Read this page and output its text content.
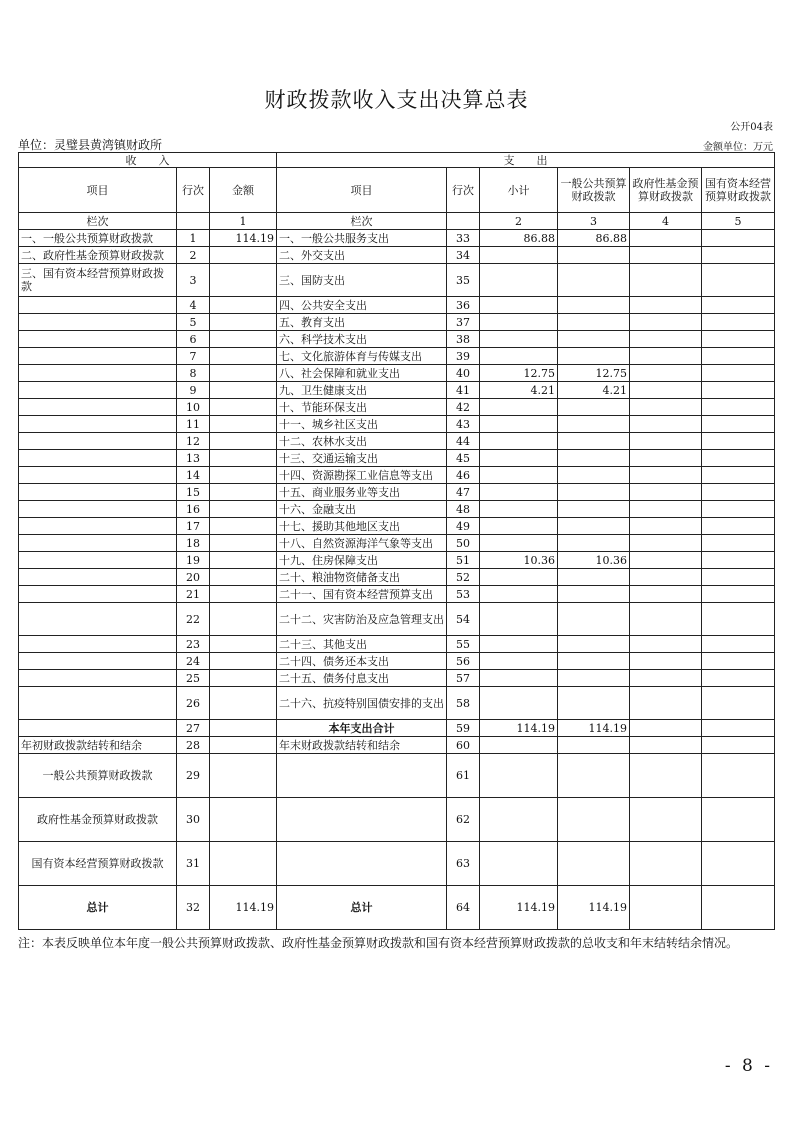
财政拨款收入支出决算总表
公开04表
单位：灵璧县黄湾镇财政所	金额单位：万元
收　　入			支　　出					
项目	行次	金额	项目	行次	小计	一般公共预算财政拨款	政府性基金预算财政拨款	国有资本经营预算财政拨款
栏次		1	栏次		2	3	4	5
一、一般公共预算财政拨款	1	114.19	一、一般公共服务支出	33	86.88	86.88		
二、政府性基金预算财政拨款	2		二、外交支出	34				
三、国有资本经营预算财政拨款	3		三、国防支出	35				
	4		四、公共安全支出	36				
	5		五、教育支出	37				
	6		六、科学技术支出	38				
	7		七、文化旅游体育与传媒支出	39				
	8		八、社会保障和就业支出	40	12.75	12.75		
	9		九、卫生健康支出	41	4.21	4.21		
	10		十、节能环保支出	42				
	11		十一、城乡社区支出	43				
	12		十二、农林水支出	44				
	13		十三、交通运输支出	45				
	14		十四、资源勘探工业信息等支出	46				
	15		十五、商业服务业等支出	47				
	16		十六、金融支出	48				
	17		十七、援助其他地区支出	49				
	18		十八、自然资源海洋气象等支出	50				
	19		十九、住房保障支出	51	10.36	10.36		
	20		二十、粮油物资储备支出	52				
	21		二十一、国有资本经营预算支出	53				
	22		二十二、灾害防治及应急管理支出	54				
	23		二十三、其他支出	55				
	24		二十四、债务还本支出	56				
	25		二十五、债务付息支出	57				
	26		二十六、抗疫特别国债安排的支出	58				
	27		本年支出合计	59	114.19	114.19		
年初财政拨款结转和结余	28		年末财政拨款结转和结余	60				
一般公共预算财政拨款	29			61				
政府性基金预算财政拨款	30			62				
国有资本经营预算财政拨款	31			63				
总计	32	114.19	总计	64	114.19	114.19		
注：本表反映单位本年度一般公共预算财政拨款、政府性基金预算财政拨款和国有资本经营预算财政拨款的总收支和年末结转结余情况。
- 8 -
